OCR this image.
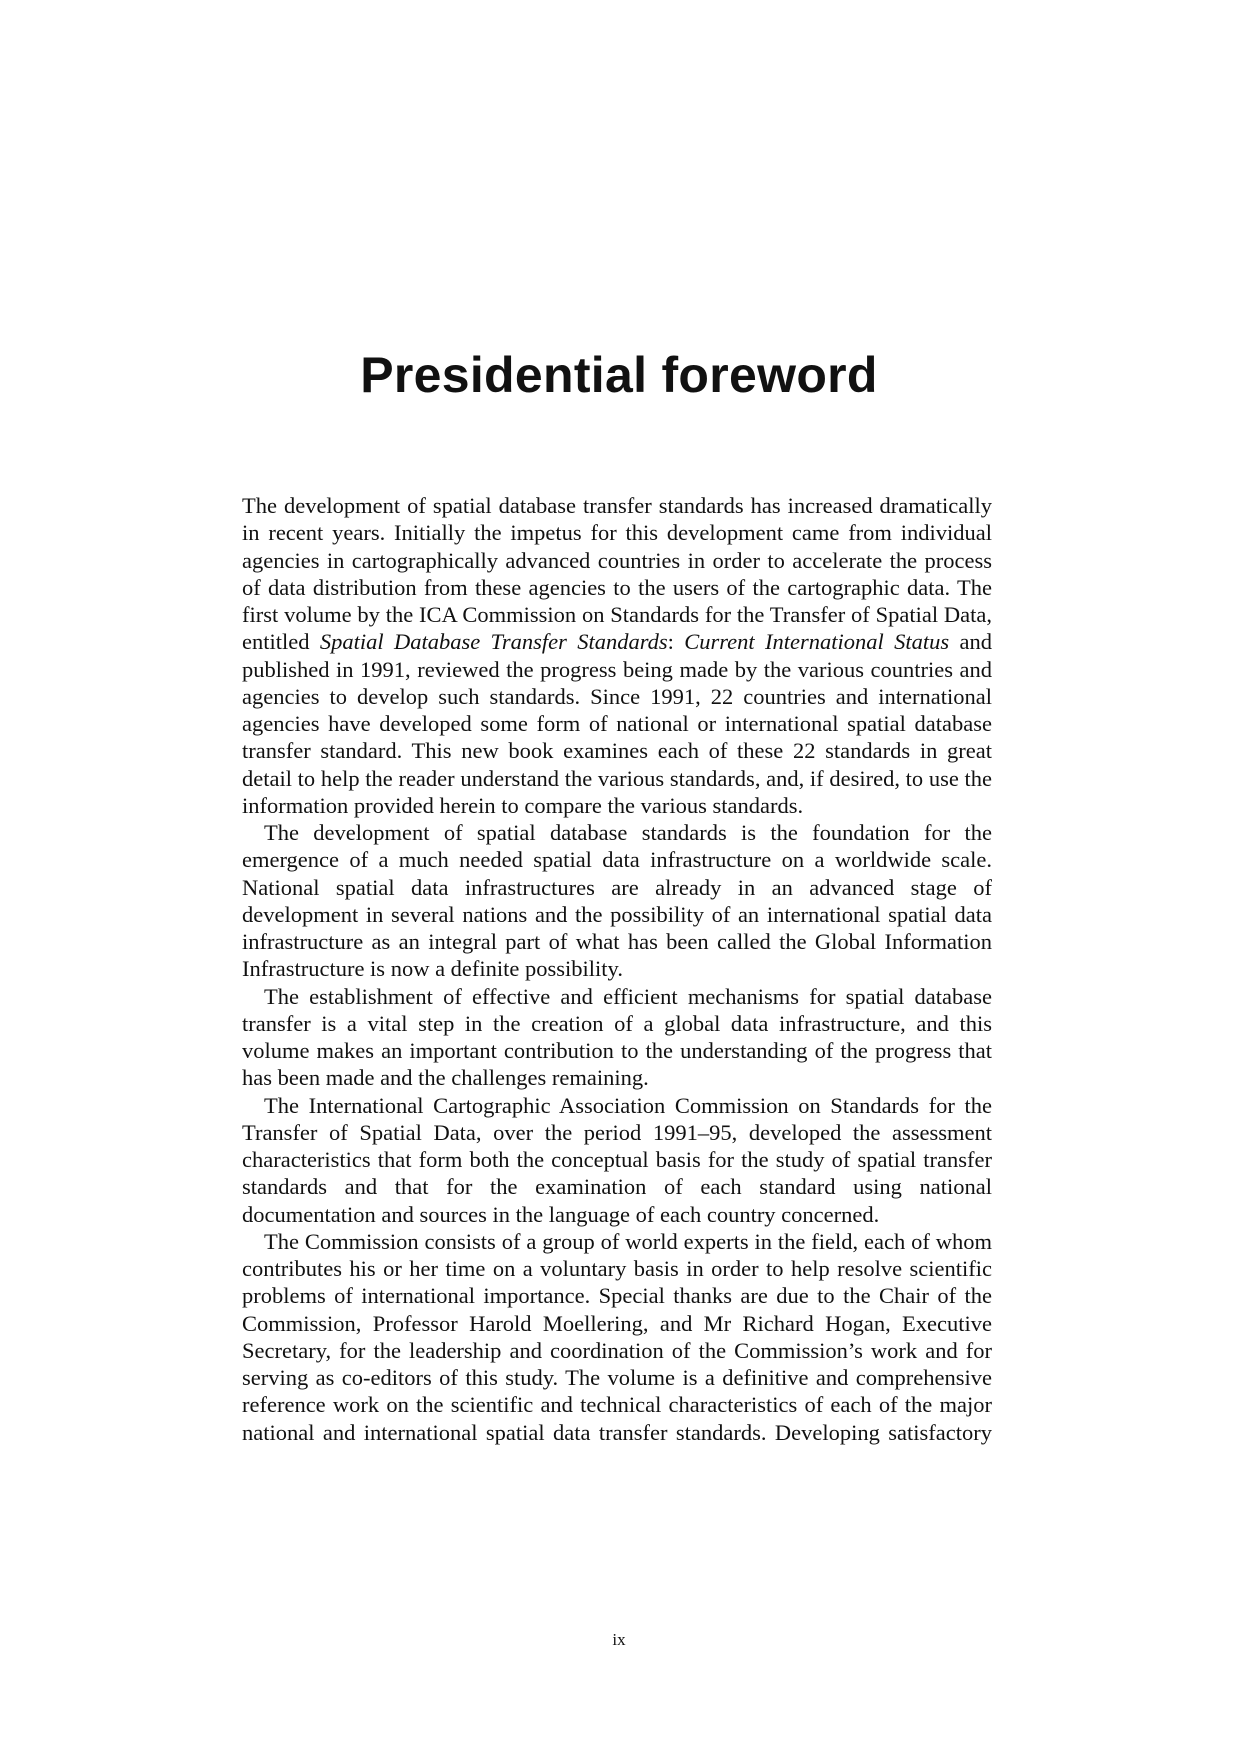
Presidential foreword

The development of spatial database transfer standards has increased dramatically in recent years. Initially the impetus for this development came from individual agencies in cartographically advanced countries in order to accelerate the process of data distribution from these agencies to the users of the cartographic data. The first volume by the ICA Commission on Standards for the Transfer of Spatial Data, entitled Spatial Database Transfer Standards: Current International Status and published in 1991, reviewed the progress being made by the various countries and agencies to develop such standards. Since 1991, 22 countries and international agencies have developed some form of national or international spatial database transfer standard. This new book examines each of these 22 standards in great detail to help the reader understand the various standards, and, if desired, to use the information provided herein to compare the various standards.

The development of spatial database standards is the foundation for the emergence of a much needed spatial data infrastructure on a worldwide scale. National spatial data infrastructures are already in an advanced stage of development in several nations and the possibility of an international spatial data infrastructure as an integral part of what has been called the Global Information Infrastructure is now a definite possibility.

The establishment of effective and efficient mechanisms for spatial database transfer is a vital step in the creation of a global data infrastructure, and this volume makes an important contribution to the understanding of the progress that has been made and the challenges remaining.

The International Cartographic Association Commission on Standards for the Transfer of Spatial Data, over the period 1991–95, developed the assessment characteristics that form both the conceptual basis for the study of spatial transfer standards and that for the examination of each standard using national documentation and sources in the language of each country concerned.

The Commission consists of a group of world experts in the field, each of whom contributes his or her time on a voluntary basis in order to help resolve scientific problems of international importance. Special thanks are due to the Chair of the Commission, Professor Harold Moellering, and Mr Richard Hogan, Executive Secretary, for the leadership and coordination of the Commission’s work and for serving as co-editors of this study. The volume is a definitive and comprehensive reference work on the scientific and technical characteristics of each of the major national and international spatial data transfer standards. Developing satisfactory

ix
